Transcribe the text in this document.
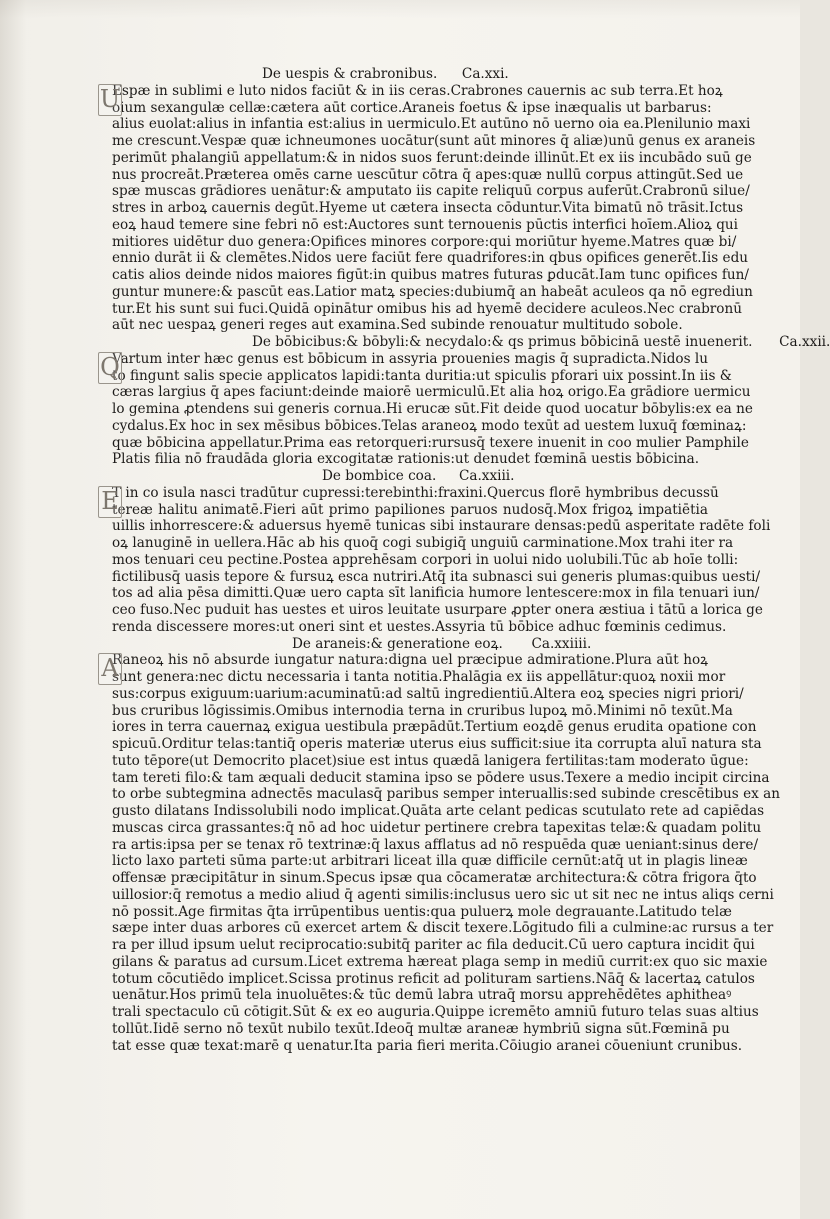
De uespis & crabronibus. Ca.xxi.
U
Espæ in sublimi e luto nidos faciūt & in iis ceras.Crabrones cauernis ac sub terra.Et hoꝝ
oium sexangulæ cellæ:cætera aūt cortice.Araneis foetus & ipse inæqualis ut barbarus:
alius euolat:alius in infantia est:alius in uermiculo.Et autūno nō uerno oia ea.Plenilunio maxi
me crescunt.Vespæ quæ ichneumones uocātur(sunt aūt minores q̄ aliæ)unū genus ex araneis
perimūt phalangiū appellatum:& in nidos suos ferunt:deinde illinūt.Et ex iis incubādo suū ge
nus procreāt.Præterea omēs carne uescūtur cōtra q̄ apes:quæ nullū corpus attingūt.Sed ue
spæ muscas grādiores uenātur:& amputato iis capite reliquū corpus auferūt.Crabronū silue/
stres in arboꝝ cauernis degūt.Hyeme ut cætera insecta cōduntur.Vita bimatū nō trāsit.Ictus
eoꝝ haud temere sine febri nō est:Auctores sunt ternouenis pūctis interfici hoīem.Alioꝝ qui
mitiores uidētur duo genera:Opifices minores corpore:qui moriūtur hyeme.Matres quæ bi/
ennio durāt ii & clemētes.Nidos uere faciūt fere quadrifores:in qbus opifices generēt.Iis edu
catis alios deinde nidos maiores figūt:in quibus matres futuras ꝑducāt.Iam tunc opifices fun/
guntur munere:& pascūt eas.Latior matꝝ species:dubiumq̄ an habeāt aculeos qa nō egrediun
tur.Et his sunt sui fuci.Quidā opinātur omibus his ad hyemē decidere aculeos.Nec crabronū
aūt nec uespaꝝ generi reges aut examina.Sed subinde renouatur multitudo sobole.
De bōbicibus:& bōbyli:& necydalo:& qs primus bōbicinā uestē inuenerit. Ca.xxii.
Q
Vartum inter hæc genus est bōbicum in assyria prouenies magis q̄ supradicta.Nidos lu
to fingunt salis specie applicatos lapidi:tanta duritia:ut spiculis pforari uix possint.In iis &
cæras largius q̄ apes faciunt:deinde maiorē uermiculū.Et alia hoꝝ origo.Ea grādiore uermicu
lo gemina ꝓtendens sui generis cornua.Hi erucæ sūt.Fit deide quod uocatur bōbylis:ex ea ne
cydalus.Ex hoc in sex mēsibus bōbices.Telas araneoꝝ modo texūt ad uestem luxuq̄ fœminaꝝ:
quæ bōbicina appellatur.Prima eas retorqueri:rursusq̄ texere inuenit in coo mulier Pamphile
Platis filia nō fraudāda gloria excogitatæ rationis:ut denudet fœminā uestis bōbicina.
De bombice coa. Ca.xxiii.
E
T in co isula nasci tradūtur cupressi:terebinthi:fraxini.Quercus florē hymbribus decussū
tereæ halitu animatē.Fieri aūt primo papiliones paruos nudosq̄.Mox frigoꝝ impatiētia
uillis inhorrescere:& aduersus hyemē tunicas sibi instaurare densas:pedū asperitate radēte foli
oꝝ lanuginē in uellera.Hāc ab his quoq̄ cogi subigiq̄ unguiū carminatione.Mox trahi iter ra
mos tenuari ceu pectine.Postea apprehēsam corpori in uolui nido uolubili.Tūc ab hoīe tolli:
fictilibusq̄ uasis tepore & fursuꝝ esca nutriri.Atq̄ ita subnasci sui generis plumas:quibus uesti/
tos ad alia pēsa dimitti.Quæ uero capta sīt lanificia humore lentescere:mox in fila tenuari iun/
ceo fuso.Nec puduit has uestes et uiros leuitate usurpare ꝓpter onera æstiua i tātū a lorica ge
renda discessere mores:ut oneri sint et uestes.Assyria tū bōbice adhuc fœminis cedimus.
De araneis:& generatione eoꝝ. Ca.xxiiii.
A
Raneoꝝ his nō absurde iungatur natura:digna uel præcipue admiratione.Plura aūt hoꝝ
sunt genera:nec dictu necessaria i tanta notitia.Phalāgia ex iis appellātur:quoꝝ noxii mor
sus:corpus exiguum:uarium:acuminatū:ad saltū ingredientiū.Altera eoꝝ species nigri priori/
bus cruribus lōgissimis.Omibus internodia terna in cruribus lupoꝝ mō.Minimi nō texūt.Ma
iores in terra cauernaꝝ exigua uestibula præpādūt.Tertium eoꝝdē genus erudita opatione con
spicuū.Orditur telas:tantiq̄ operis materiæ uterus eius sufficit:siue ita corrupta aluī natura sta
tuto tēpore(ut Democrito placet)siue est intus quædā lanigera fertilitas:tam moderato ūgue:
tam tereti filo:& tam æquali deducit stamina ipso se pōdere usus.Texere a medio incipit circina
to orbe subtegmina adnectēs maculasq̄ paribus semper interuallis:sed subinde crescētibus ex an
gusto dilatans Indissolubili nodo implicat.Quāta arte celant pedicas scutulato rete ad capiēdas
muscas circa grassantes:q̄ nō ad hoc uidetur pertinere crebra tapexitas telæ:& quadam politu
ra artis:ipsa per se tenax rō textrinæ:q̄ laxus afflatus ad nō respuēda quæ ueniant:sinus dere/
licto laxo parteti sūma parte:ut arbitrari liceat illa quæ difficile cernūt:atq̄ ut in plagis lineæ
offensæ præcipitātur in sinum.Specus ipsæ qua cōcameratæ architectura:& cōtra frigora q̄to
uillosior:q̄ remotus a medio aliud q̄ agenti similis:inclusus uero sic ut sit nec ne intus aliqs cerni
nō possit.Age firmitas q̄ta irrūpentibus uentis:qua puluerꝝ mole degrauante.Latitudo telæ
sæpe inter duas arbores cū exercet artem & discit texere.Lōgitudo fili a culmine:ac rursus a ter
ra per illud ipsum uelut reciprocatio:subitq̄ pariter ac fila deducit.Cū uero captura incidit q̄ui
gilans & paratus ad cursum.Licet extrema hæreat plaga semp in mediū currit:ex quo sic maxie
totum cōcutiēdo implicet.Scissa protinus reficit ad polituram sartiens.Nāq̄ & lacertaꝝ catulos
uenātur.Hos primū tela inuoluētes:& tūc demū labra utraq̄ morsu apprehēdētes aphitheaꝰ
trali spectaculo cū cōtigit.Sūt & ex eo auguria.Quippe icremēto amniū futuro telas suas altius
tollūt.Iidē serno nō texūt nubilo texūt.Ideoq̄ multæ araneæ hymbriū signa sūt.Fœminā pu
tat esse quæ texat:marē q uenatur.Ita paria fieri merita.Cōiugio aranei cōueniunt crunibus.
